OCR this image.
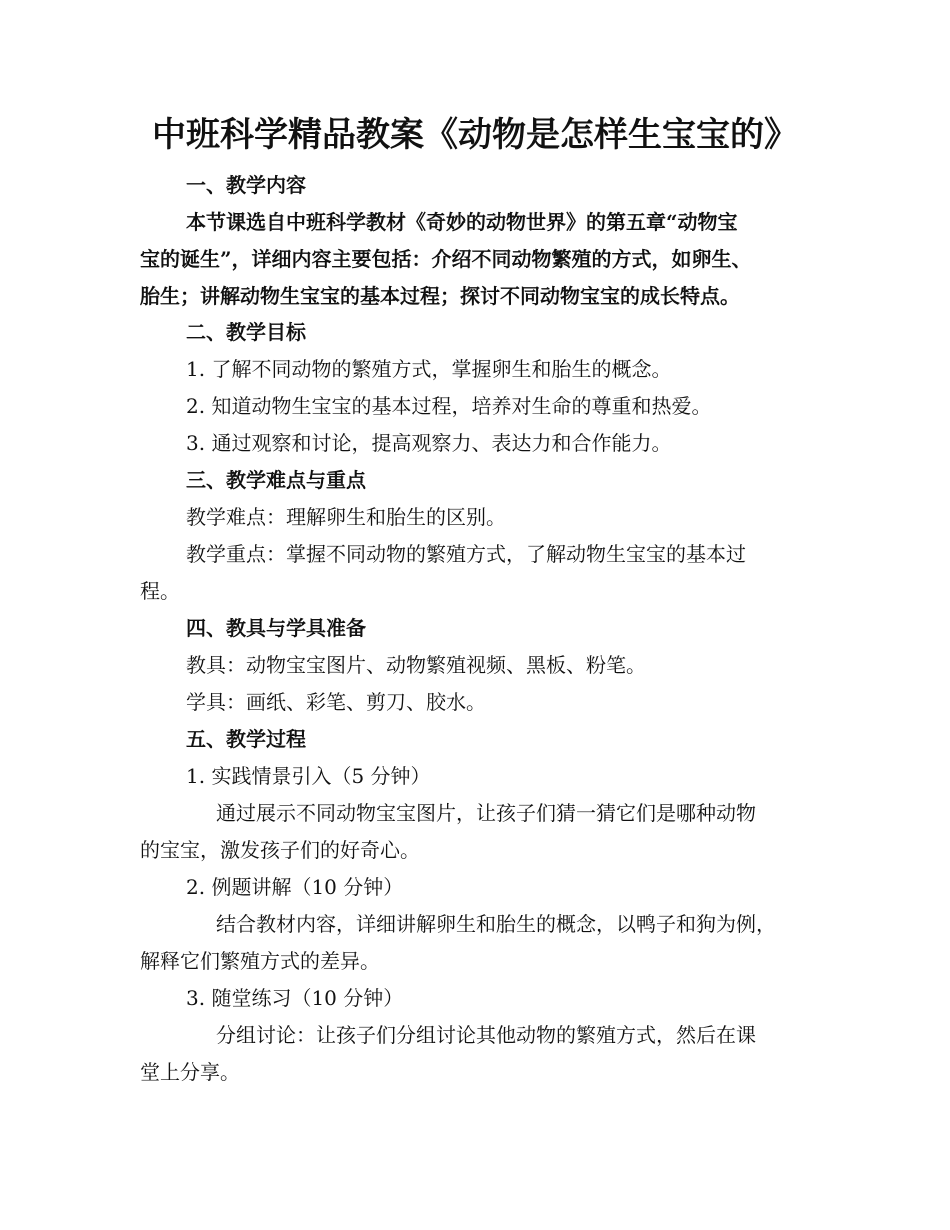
中班科学精品教案《动物是怎样生宝宝的》
一、教学内容
本节课选自中班科学教材《奇妙的动物世界》的第五章“动物宝
宝的诞生”，详细内容主要包括：介绍不同动物繁殖的方式，如卵生、
胎生；讲解动物生宝宝的基本过程；探讨不同动物宝宝的成长特点。
二、教学目标
1. 了解不同动物的繁殖方式，掌握卵生和胎生的概念。
2. 知道动物生宝宝的基本过程，培养对生命的尊重和热爱。
3. 通过观察和讨论，提高观察力、表达力和合作能力。
三、教学难点与重点
教学难点：理解卵生和胎生的区别。
教学重点：掌握不同动物的繁殖方式，了解动物生宝宝的基本过
程。
四、教具与学具准备
教具：动物宝宝图片、动物繁殖视频、黑板、粉笔。
学具：画纸、彩笔、剪刀、胶水。
五、教学过程
1. 实践情景引入（5 分钟）
通过展示不同动物宝宝图片，让孩子们猜一猜它们是哪种动物
的宝宝，激发孩子们的好奇心。
2. 例题讲解（10 分钟）
结合教材内容，详细讲解卵生和胎生的概念，以鸭子和狗为例，
解释它们繁殖方式的差异。
3. 随堂练习（10 分钟）
分组讨论：让孩子们分组讨论其他动物的繁殖方式，然后在课
堂上分享。
